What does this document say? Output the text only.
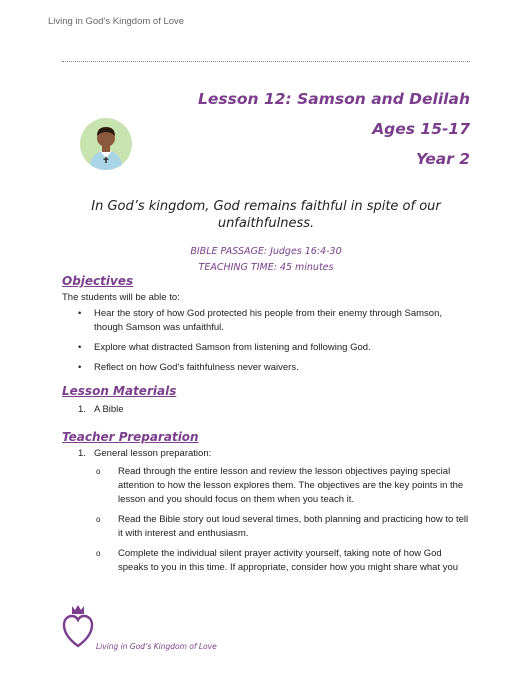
Living in God’s Kingdom of Love

Lesson 12: Samson and Delilah

Ages 15-17

Year 2

In God’s kingdom, God remains faithful in spite of our unfaithfulness.
BIBLE PASSAGE: Judges 16:4-30
TEACHING TIME: 45 minutes
Objectives
The students will be able to:
• Hear the story of how God protected his people from their enemy through Samson, though Samson was unfaithful.
• Explore what distracted Samson from listening and following God.
• Reflect on how God’s faithfulness never waivers.
Lesson Materials
1. A Bible
Teacher Preparation
1. General lesson preparation:
o Read through the entire lesson and review the lesson objectives paying special attention to how the lesson explores them. The objectives are the key points in the lesson and you should focus on them when you teach it.
o Read the Bible story out loud several times, both planning and practicing how to tell it with interest and enthusiasm.
o Complete the individual silent prayer activity yourself, taking note of how God speaks to you in this time. If appropriate, consider how you might share what you
Living in God’s Kingdom of Love
